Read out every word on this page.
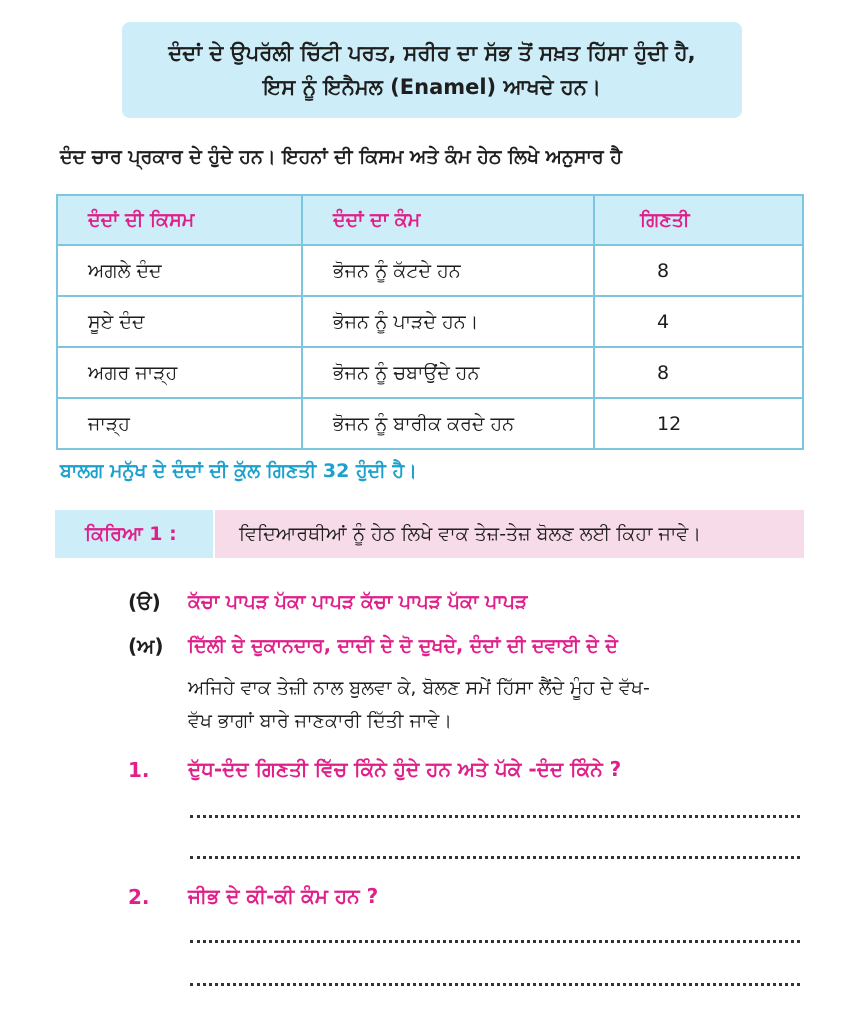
ਦੰਦਾਂ ਦੇ ਉਪਰੱਲੀ ਚਿੱਟੀ ਪਰਤ, ਸਰੀਰ ਦਾ ਸੱਭ ਤੋਂ ਸਖ਼ਤ ਹਿੱਸਾ ਹੁੰਦੀ ਹੈ,
ਇਸ ਨੂੰ ਇਨੈਮਲ (Enamel) ਆਖਦੇ ਹਨ।
ਦੰਦ ਚਾਰ ਪ੍ਰਕਾਰ ਦੇ ਹੁੰਦੇ ਹਨ। ਇਹਨਾਂ ਦੀ ਕਿਸਮ ਅਤੇ ਕੰਮ ਹੇਠ ਲਿਖੇ ਅਨੁਸਾਰ ਹੈ
ਦੰਦਾਂ ਦੀ ਕਿਸਮ	ਦੰਦਾਂ ਦਾ ਕੰਮ	ਗਿਣਤੀ
ਅਗਲੇ ਦੰਦ	ਭੋਜਨ ਨੂੰ ਕੱਟਦੇ ਹਨ	8
ਸੂਏ ਦੰਦ	ਭੋਜਨ ਨੂੰ ਪਾੜਦੇ ਹਨ।	4
ਅਗਰ ਜਾੜ੍ਹ	ਭੋਜਨ ਨੂੰ ਚਬਾਉਂਦੇ ਹਨ	8
ਜਾੜ੍ਹ	ਭੋਜਨ ਨੂੰ ਬਾਰੀਕ ਕਰਦੇ ਹਨ	12
ਬਾਲਗ ਮਨੁੱਖ ਦੇ ਦੰਦਾਂ ਦੀ ਕੁੱਲ ਗਿਣਤੀ 32 ਹੁੰਦੀ ਹੈ।
ਕਿਰਿਆ 1 :	ਵਿਦਿਆਰਥੀਆਂ ਨੂੰ ਹੇਠ ਲਿਖੇ ਵਾਕ ਤੇਜ਼-ਤੇਜ਼ ਬੋਲਣ ਲਈ ਕਿਹਾ ਜਾਵੇ।
(ੳ) ਕੱਚਾ ਪਾਪੜ ਪੱਕਾ ਪਾਪੜ ਕੱਚਾ ਪਾਪੜ ਪੱਕਾ ਪਾਪੜ
(ਅ) ਦਿੱਲੀ ਦੇ ਦੁਕਾਨਦਾਰ, ਦਾਦੀ ਦੇ ਦੋ ਦੁਖਦੇ, ਦੰਦਾਂ ਦੀ ਦਵਾਈ ਦੇ ਦੇ
ਅਜਿਹੇ ਵਾਕ ਤੇਜ਼ੀ ਨਾਲ ਬੁਲਵਾ ਕੇ, ਬੋਲਣ ਸਮੇਂ ਹਿੱਸਾ ਲੈਂਦੇ ਮੂੰਹ ਦੇ ਵੱਖ-
ਵੱਖ ਭਾਗਾਂ ਬਾਰੇ ਜਾਣਕਾਰੀ ਦਿੱਤੀ ਜਾਵੇ।
1. ਦੁੱਧ-ਦੰਦ ਗਿਣਤੀ ਵਿੱਚ ਕਿੰਨੇ ਹੁੰਦੇ ਹਨ ਅਤੇ ਪੱਕੇ -ਦੰਦ ਕਿੰਨੇ ?
2. ਜੀਭ ਦੇ ਕੀ-ਕੀ ਕੰਮ ਹਨ ?
